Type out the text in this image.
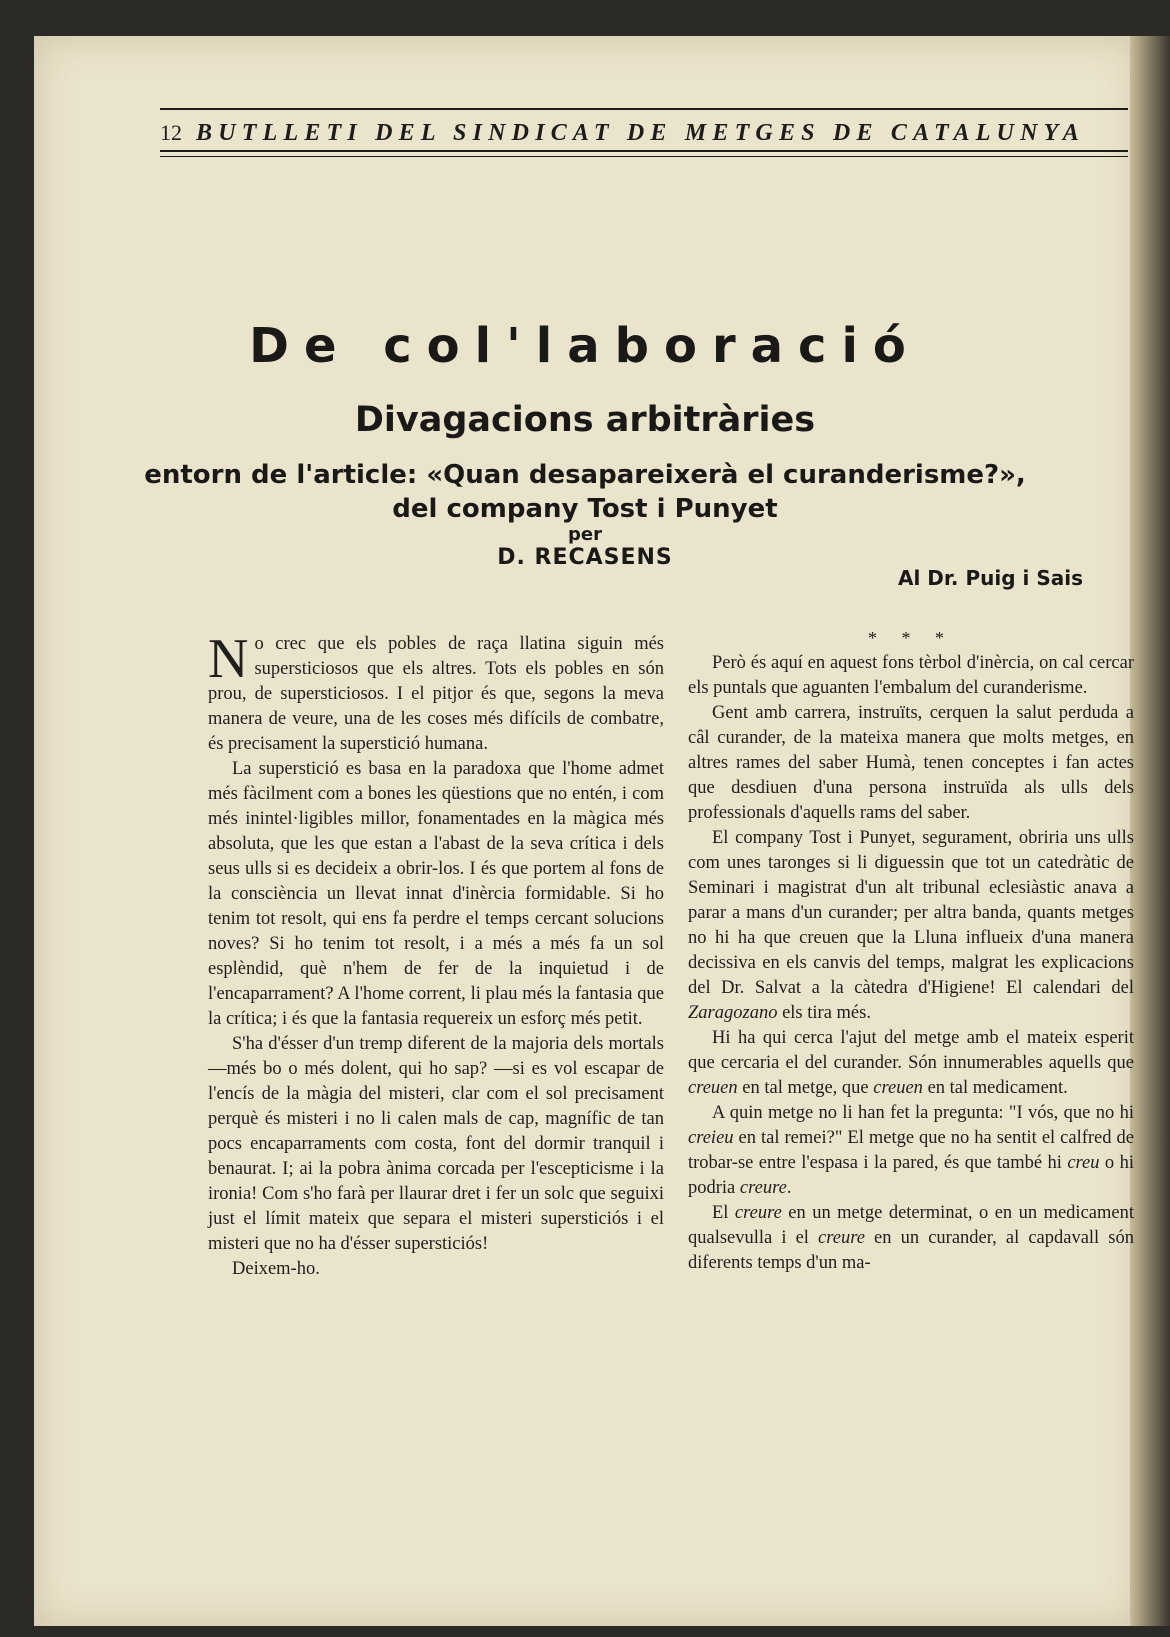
12 BUTLLETI DEL SINDICAT DE METGES DE CATALUNYA
De col'laboració
Divagacions arbitràries
entorn de l'article: «Quan desapareixerà el curanderisme?»,
del company Tost i Punyet
per
D. RECASENS
Al Dr. Puig i Sais

No crec que els pobles de raça llatina siguin més supersticiosos que els altres. Tots els pobles en són prou, de supersticiosos. I el pitjor és que, segons la meva manera de veure, una de les coses més difícils de combatre, és precisament la superstició humana.

La superstició es basa en la paradoxa que l'home admet més fàcilment com a bones les qüestions que no entén, i com més inintel·ligibles millor, fonamentades en la màgica més absoluta, que les que estan a l'abast de la seva crítica i dels seus ulls si es decideix a obrir-los. I és que portem al fons de la consciència un llevat innat d'inèrcia formidable. Si ho tenim tot resolt, qui ens fa perdre el temps cercant solucions noves? Si ho tenim tot resolt, i a més a més fa un sol esplèndid, què n'hem de fer de la inquietud i de l'encaparrament? A l'home corrent, li plau més la fantasia que la crítica; i és que la fantasia requereix un esforç més petit.

S'ha d'ésser d'un tremp diferent de la majoria dels mortals—més bo o més dolent, qui ho sap? —si es vol escapar de l'encís de la màgia del misteri, clar com el sol precisament perquè és misteri i no li calen mals de cap, magnífic de tan pocs encaparraments com costa, font del dormir tranquil i benaurat. I; ai la pobra ànima corcada per l'escepticisme i la ironia! Com s'ho farà per llaurar dret i fer un solc que seguixi just el límit mateix que separa el misteri supersticiós i el misteri que no ha d'ésser supersticiós!

Deixem-ho.

* * *

Però és aquí en aquest fons tèrbol d'inèrcia, on cal cercar els puntals que aguanten l'embalum del curanderisme.

Gent amb carrera, instruïts, cerquen la salut perduda a câl curander, de la mateixa manera que molts metges, en altres rames del saber Humà, tenen conceptes i fan actes que desdiuen d'una persona instruïda als ulls dels professionals d'aquells rams del saber.

El company Tost i Punyet, segurament, obriria uns ulls com unes taronges si li diguessin que tot un catedràtic de Seminari i magistrat d'un alt tribunal eclesiàstic anava a parar a mans d'un curander; per altra banda, quants metges no hi ha que creuen que la Lluna influeix d'una manera decissiva en els canvis del temps, malgrat les explicacions del Dr. Salvat a la càtedra d'Higiene! El calendari del Zaragozano els tira més.

Hi ha qui cerca l'ajut del metge amb el mateix esperit que cercaria el del curander. Són innumerables aquells que creuen en tal metge, que creuen en tal medicament.

A quin metge no li han fet la pregunta: "I vós, que no hi creieu en tal remei?" El metge que no ha sentit el calfred de trobar-se entre l'espasa i la pared, és que també hi creu o hi podria creure.

El creure en un metge determinat, o en un medicament qualsevulla i el creure en un curander, al capdavall són diferents temps d'un ma-
